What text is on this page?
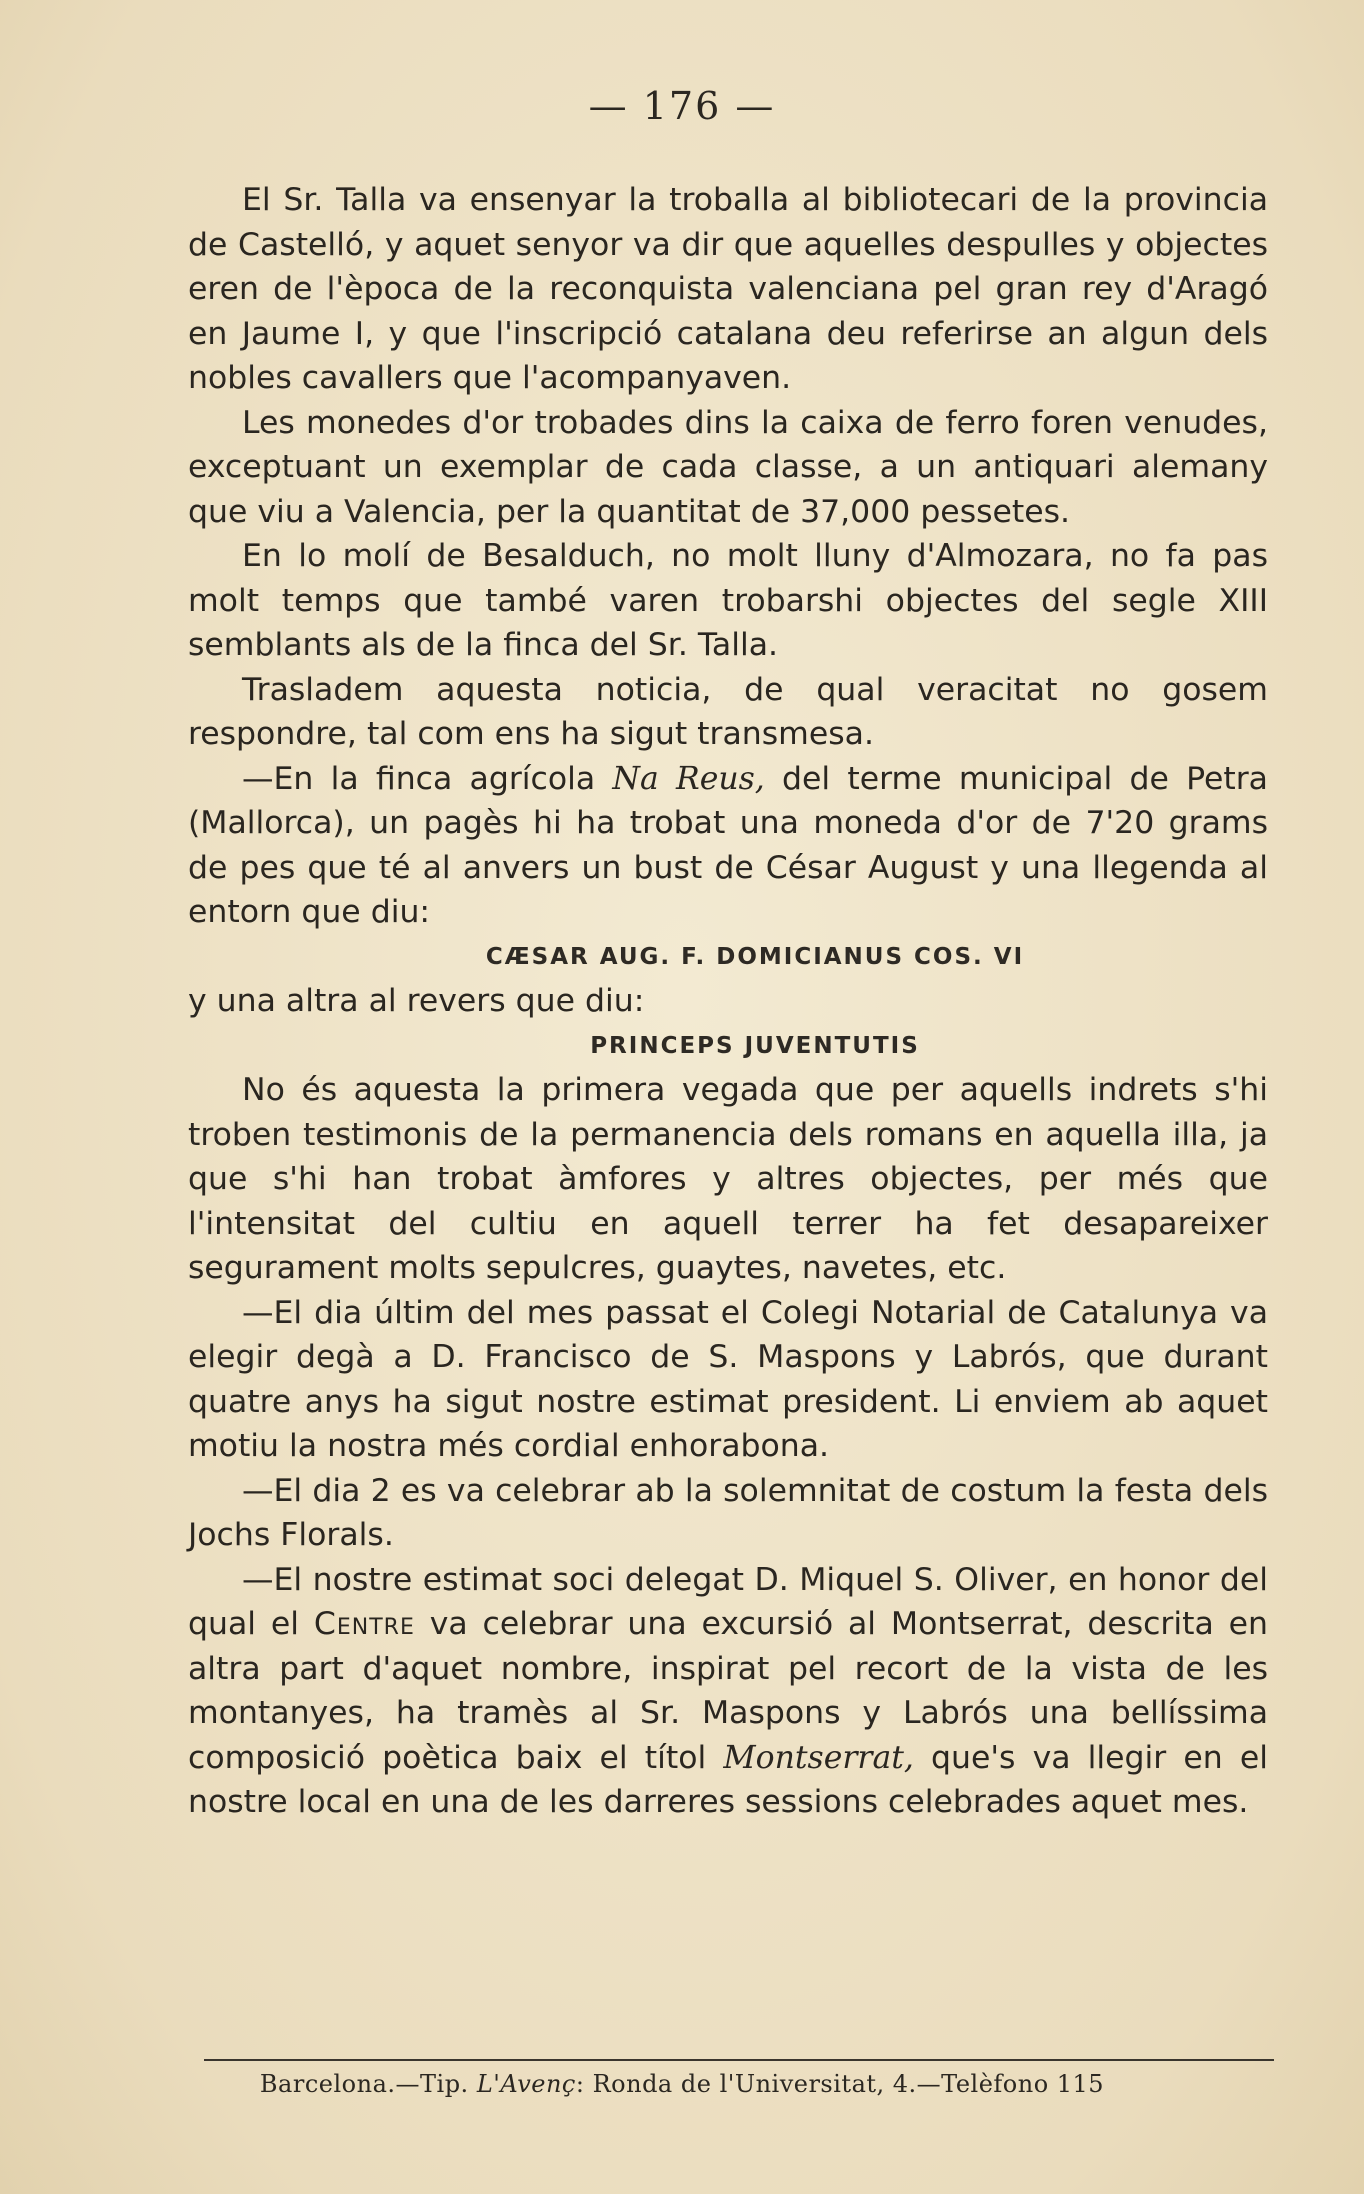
— 176 —

El Sr. Talla va ensenyar la troballa al bibliotecari de la provincia de Castelló, y aquet senyor va dir que aquelles despulles y objectes eren de l'època de la reconquista valenciana pel gran rey d'Aragó en Jaume I, y que l'inscripció catalana deu referirse an algun dels nobles cavallers que l'acompanyaven.

Les monedes d'or trobades dins la caixa de ferro foren venudes, exceptuant un exemplar de cada classe, a un antiquari alemany que viu a Valencia, per la quantitat de 37,000 pessetes.

En lo molí de Besalduch, no molt lluny d'Almozara, no fa pas molt temps que també varen trobarshi objectes del segle XIII semblants als de la finca del Sr. Talla.

Trasladem aquesta noticia, de qual veracitat no gosem respondre, tal com ens ha sigut transmesa.

—En la finca agrícola Na Reus, del terme municipal de Petra (Mallorca), un pagès hi ha trobat una moneda d'or de 7'20 grams de pes que té al anvers un bust de César August y una llegenda al entorn que diu:

CÆSAR AUG. F. DOMICIANUS COS. VI

y una altra al revers que diu:

PRINCEPS JUVENTUTIS

No és aquesta la primera vegada que per aquells indrets s'hi troben testimonis de la permanencia dels romans en aquella illa, ja que s'hi han trobat àmfores y altres objectes, per més que l'intensitat del cultiu en aquell terrer ha fet desapareixer segurament molts sepulcres, guaytes, navetes, etc.

—El dia últim del mes passat el Colegi Notarial de Catalunya va elegir degà a D. Francisco de S. Maspons y Labrós, que durant quatre anys ha sigut nostre estimat president. Li enviem ab aquet motiu la nostra més cordial enhorabona.

—El dia 2 es va celebrar ab la solemnitat de costum la festa dels Jochs Florals.

—El nostre estimat soci delegat D. Miquel S. Oliver, en honor del qual el Centre va celebrar una excursió al Montserrat, descrita en altra part d'aquet nombre, inspirat pel recort de la vista de les montanyes, ha tramès al Sr. Maspons y Labrós una bellíssima composició poètica baix el títol Montserrat, que's va llegir en el nostre local en una de les darreres sessions celebrades aquet mes.

Barcelona.—Tip. L'Avenç: Ronda de l'Universitat, 4.—Telèfono 115
